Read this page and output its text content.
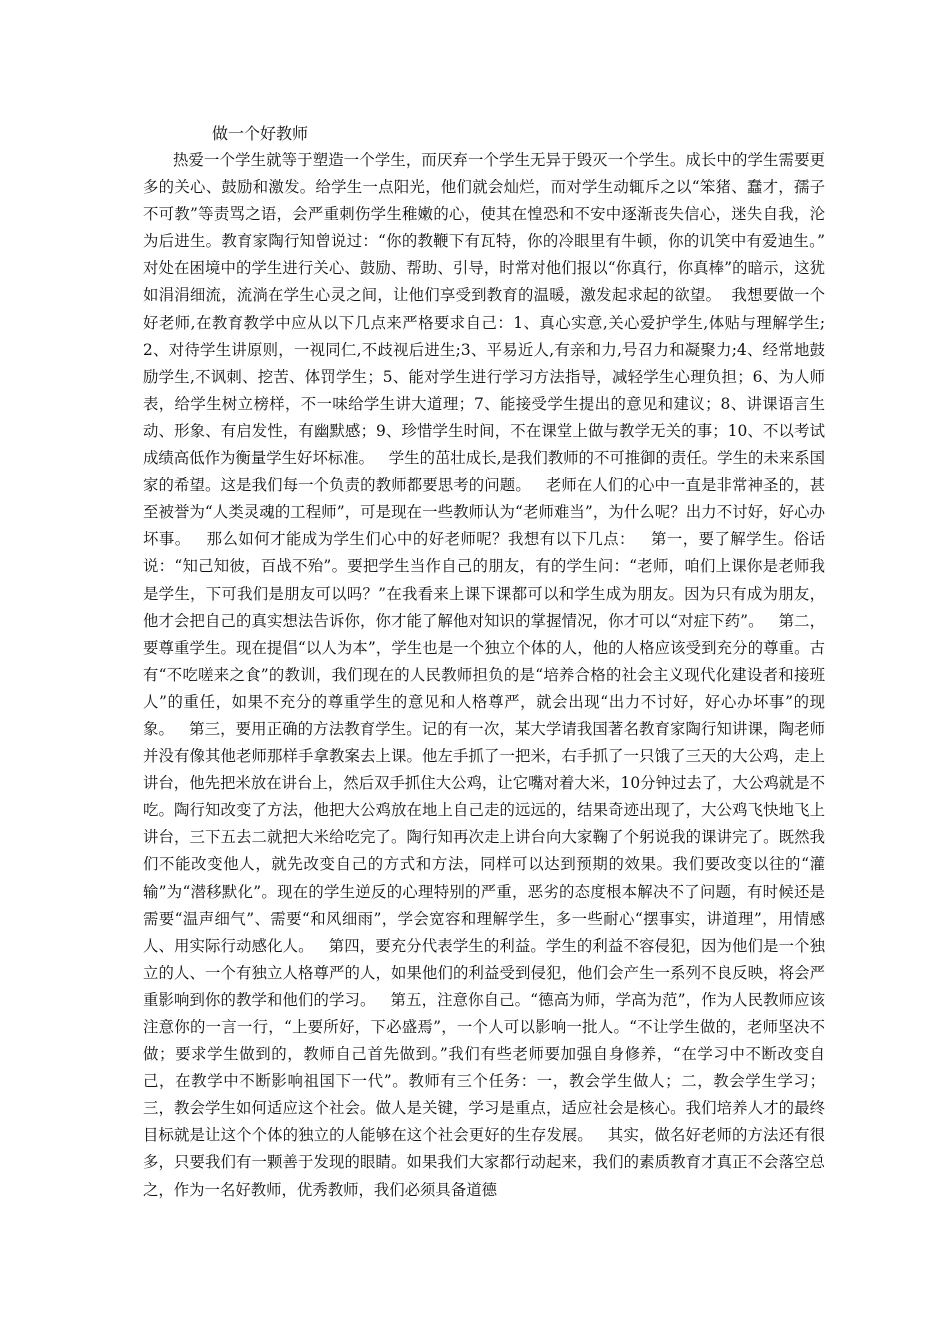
做一个好教师

热爱一个学生就等于塑造一个学生，而厌弃一个学生无异于毁灭一个学生。成长中的学生需要更多的关心、鼓励和激发。给学生一点阳光，他们就会灿烂，而对学生动辄斥之以“笨猪、蠢才，孺子不可教”等责骂之语，会严重刺伤学生稚嫩的心，使其在惶恐和不安中逐渐丧失信心，迷失自我，沦为后进生。教育家陶行知曾说过：“你的教鞭下有瓦特，你的冷眼里有牛顿，你的讥笑中有爱迪生。”   对处在困境中的学生进行关心、鼓励、帮助、引导，时常对他们报以“你真行，你真棒”的暗示，这犹如涓涓细流，流淌在学生心灵之间，让他们享受到教育的温暖，激发起求起的欲望。  我想要做一个好老师,在教育教学中应从以下几点来严格要求自己：1、真心实意,关心爱护学生,体贴与理解学生;2、对待学生讲原则，一视同仁,不歧视后进生;3、平易近人,有亲和力,号召力和凝聚力;4、经常地鼓励学生,不讽刺、挖苦、体罚学生；5、能对学生进行学习方法指导，减轻学生心理负担；6、为人师表，给学生树立榜样，不一味给学生讲大道理；7、能接受学生提出的意见和建议；8、讲课语言生动、形象、有启发性，有幽默感；9、珍惜学生时间，不在课堂上做与教学无关的事；10、不以考试成绩高低作为衡量学生好坏标准。   学生的茁壮成长,是我们教师的不可推御的责任。学生的未来系国家的希望。这是我们每一个负责的教师都要思考的问题。   老师在人们的心中一直是非常神圣的，甚至被誉为“人类灵魂的工程师”，可是现在一些教师认为“老师难当”，为什么呢？出力不讨好，好心办坏事。   那么如何才能成为学生们心中的好老师呢？我想有以下几点：   第一，要了解学生。俗话说：“知己知彼，百战不殆”。要把学生当作自己的朋友，有的学生问：“老师，咱们上课你是老师我是学生，下可我们是朋友可以吗？”在我看来上课下课都可以和学生成为朋友。因为只有成为朋友，他才会把自己的真实想法告诉你，你才能了解他对知识的掌握情况，你才可以“对症下药”。   第二，要尊重学生。现在提倡“以人为本”，学生也是一个独立个体的人，他的人格应该受到充分的尊重。古有“不吃嗟来之食”的教训，我们现在的人民教师担负的是“培养合格的社会主义现代化建设者和接班人”的重任，如果不充分的尊重学生的意见和人格尊严，就会出现“出力不讨好，好心办坏事”的现象。   第三，要用正确的方法教育学生。记的有一次，某大学请我国著名教育家陶行知讲课，陶老师并没有像其他老师那样手拿教案去上课。他左手抓了一把米，右手抓了一只饿了三天的大公鸡，走上讲台，他先把米放在讲台上，然后双手抓住大公鸡，让它嘴对着大米，10分钟过去了，大公鸡就是不吃。陶行知改变了方法，他把大公鸡放在地上自己走的远远的，结果奇迹出现了，大公鸡飞快地飞上讲台，三下五去二就把大米给吃完了。陶行知再次走上讲台向大家鞠了个躬说我的课讲完了。既然我们不能改变他人，就先改变自己的方式和方法，同样可以达到预期的效果。我们要改变以往的“灌输”为“潜移默化”。现在的学生逆反的心理特别的严重，恶劣的态度根本解决不了问题，有时候还是需要“温声细气”、需要“和风细雨”，学会宽容和理解学生，多一些耐心“摆事实，讲道理”，用情感人、用实际行动感化人。   第四，要充分代表学生的利益。学生的利益不容侵犯，因为他们是一个独立的人、一个有独立人格尊严的人，如果他们的利益受到侵犯，他们会产生一系列不良反映，将会严重影响到你的教学和他们的学习。   第五，注意你自己。“德高为师，学高为范”，作为人民教师应该注意你的一言一行，“上要所好，下必盛焉”，一个人可以影响一批人。“不让学生做的，老师坚决不做；要求学生做到的，教师自己首先做到。”我们有些老师要加强自身修养，“在学习中不断改变自己，在教学中不断影响祖国下一代”。教师有三个任务：一，教会学生做人；二，教会学生学习；三，教会学生如何适应这个社会。做人是关键，学习是重点，适应社会是核心。我们培养人才的最终目标就是让这个个体的独立的人能够在这个社会更好的生存发展。   其实，做名好老师的方法还有很多，只要我们有一颗善于发现的眼睛。如果我们大家都行动起来，我们的素质教育才真正不会落空总之，作为一名好教师，优秀教师，我们必须具备道德
